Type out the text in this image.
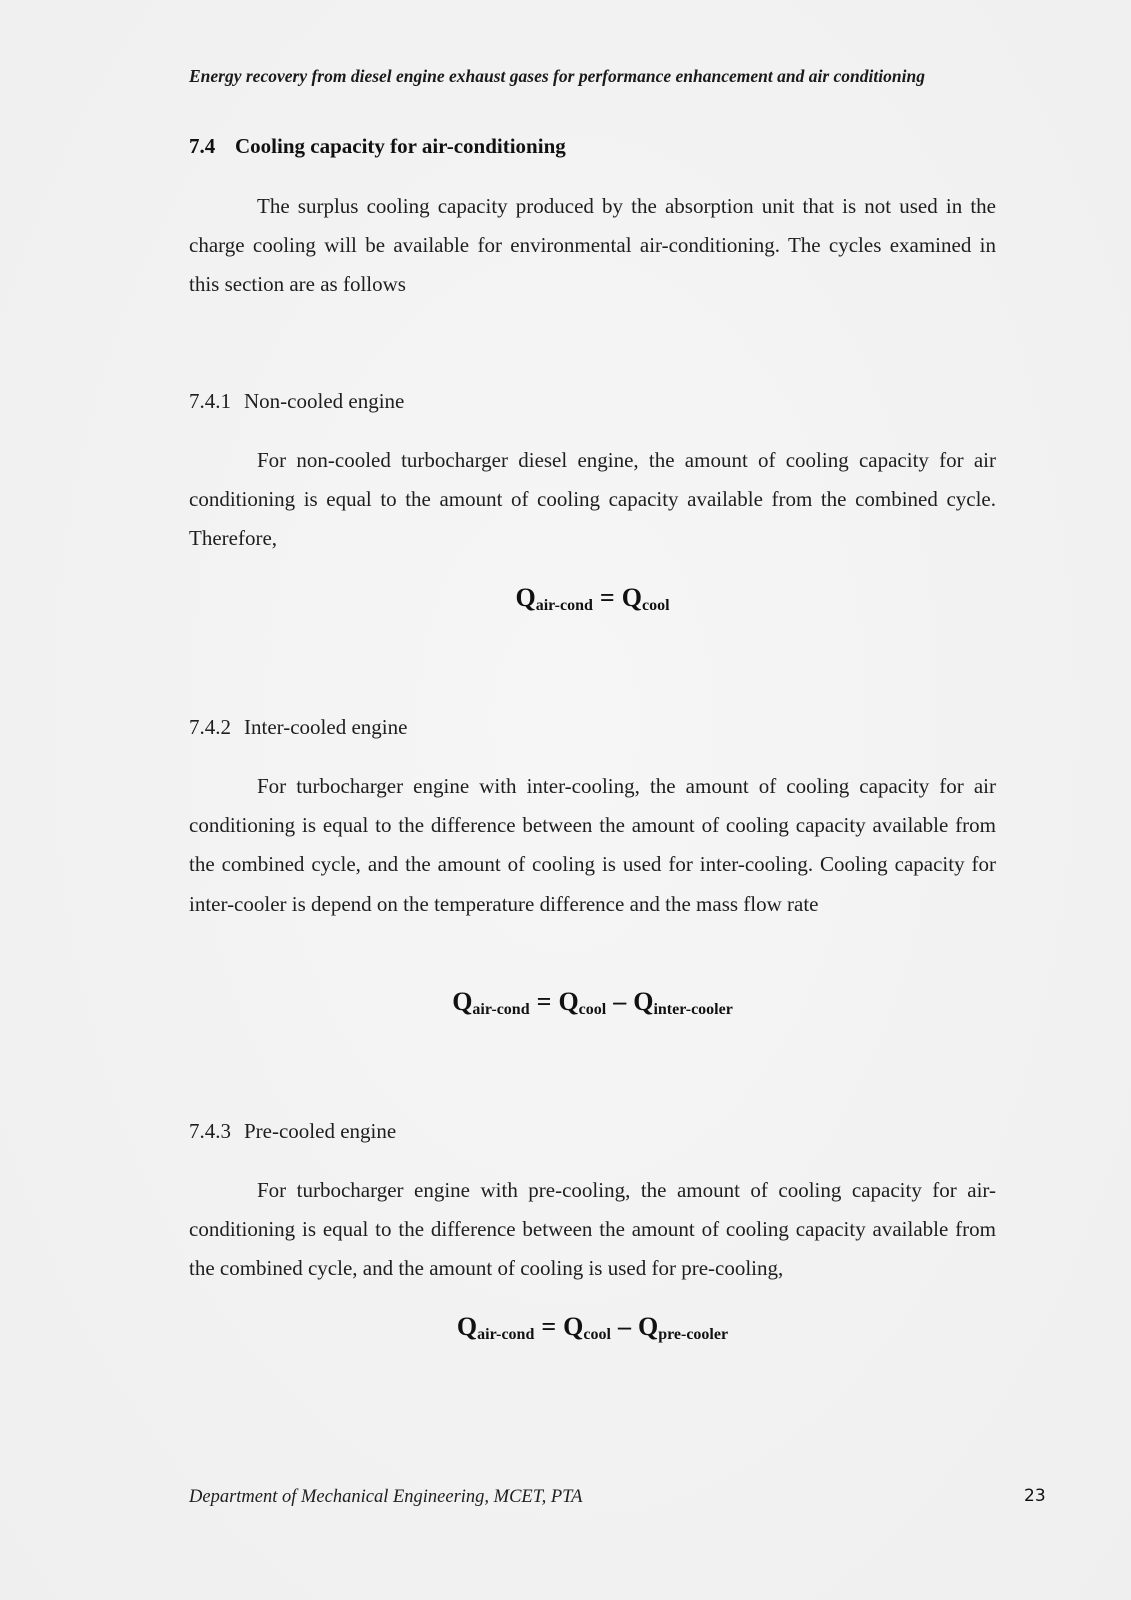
Energy recovery from diesel engine exhaust gases for performance enhancement and air conditioning
7.4 Cooling capacity for air-conditioning

The surplus cooling capacity produced by the absorption unit that is not used in the charge cooling will be available for environmental air-conditioning. The cycles examined in this section are as follows

7.4.1 Non-cooled engine

For non-cooled turbocharger diesel engine, the amount of cooling capacity for air conditioning is equal to the amount of cooling capacity available from the combined cycle. Therefore,

$Q_{air-cond} = Q_{cool}$
7.4.2 Inter-cooled engine

For turbocharger engine with inter-cooling, the amount of cooling capacity for air conditioning is equal to the difference between the amount of cooling capacity available from the combined cycle, and the amount of cooling is used for inter-cooling. Cooling capacity for inter-cooler is depend on the temperature difference and the mass flow rate

$Q_{air-cond} = Q_{cool} - Q_{inter-cooler}$
7.4.3 Pre-cooled engine

For turbocharger engine with pre-cooling, the amount of cooling capacity for air-conditioning is equal to the difference between the amount of cooling capacity available from the combined cycle, and the amount of cooling is used for pre-cooling,

$Q_{air-cond} = Q_{cool} - Q_{pre-cooler}$
Department of Mechanical Engineering, MCET, PTA	23
